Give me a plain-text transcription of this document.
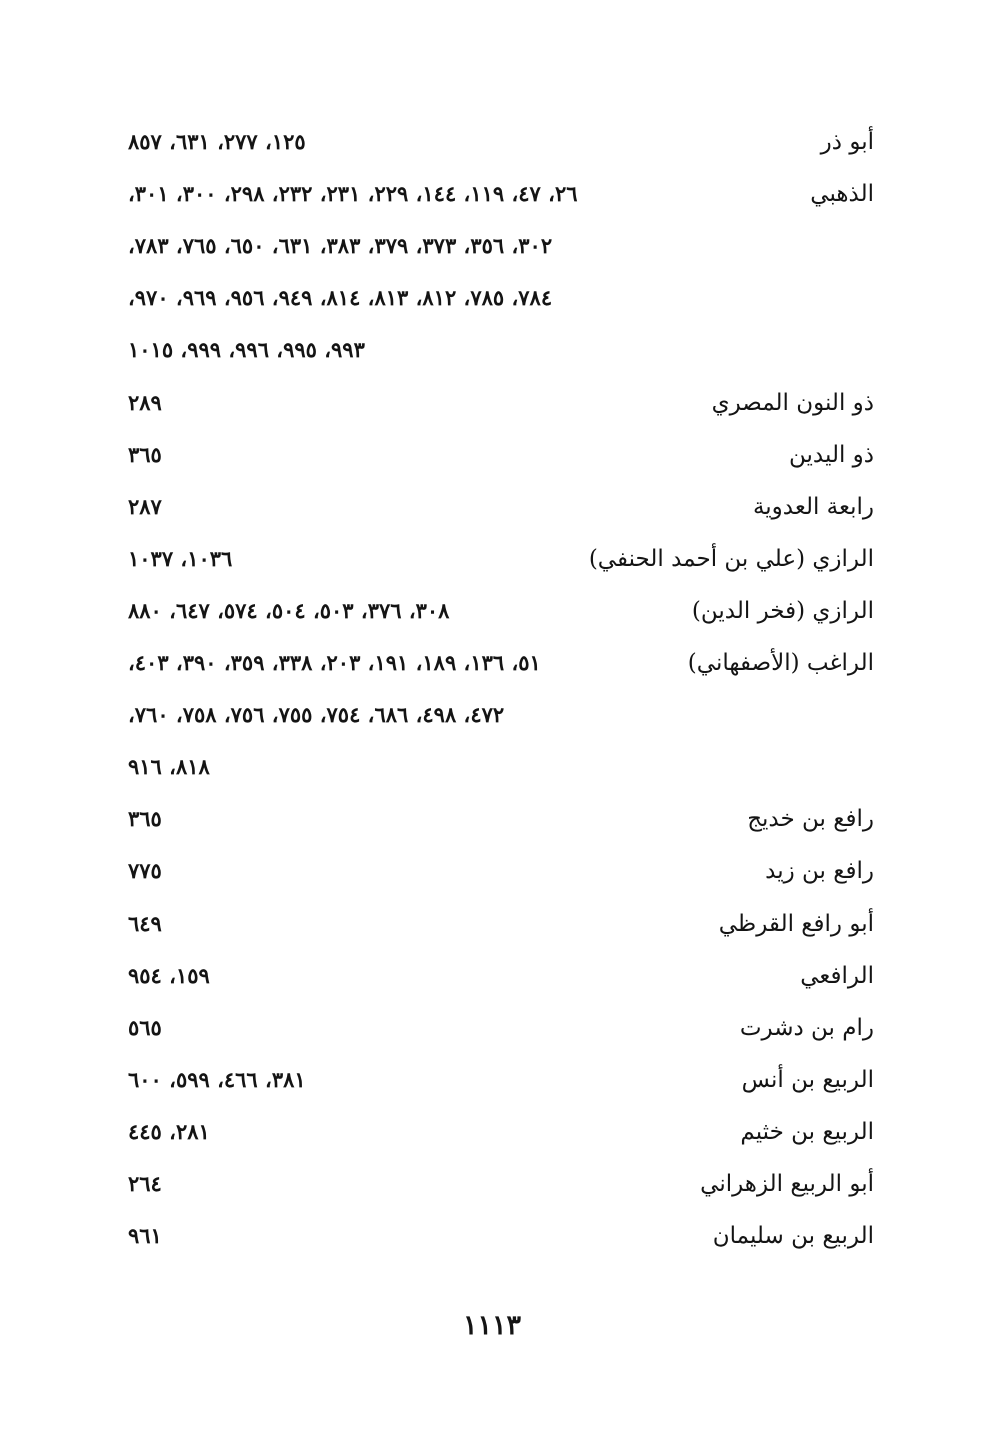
أبو ذر
١٢٥، ٢٧٧، ٦٣١، ٨٥٧
الذهبي
٢٦، ٤٧، ١١٩، ١٤٤، ٢٢٩، ٢٣١، ٢٣٢، ٢٩٨، ٣٠٠، ٣٠١،
٣٠٢، ٣٥٦، ٣٧٣، ٣٧٩، ٣٨٣، ٦٣١، ٦٥٠، ٧٦٥، ٧٨٣،
٧٨٤، ٧٨٥، ٨١٢، ٨١٣، ٨١٤، ٩٤٩، ٩٥٦، ٩٦٩، ٩٧٠،
٩٩٣، ٩٩٥، ٩٩٦، ٩٩٩، ١٠١٥
ذو النون المصري
٢٨٩
ذو اليدين
٣٦٥
رابعة العدوية
٢٨٧
الرازي (علي بن أحمد الحنفي)
١٠٣٦، ١٠٣٧
الرازي (فخر الدين)
٣٠٨، ٣٧٦، ٥٠٣، ٥٠٤، ٥٧٤، ٦٤٧، ٨٨٠
الراغب (الأصفهاني)
٥١، ١٣٦، ١٨٩، ١٩١، ٢٠٣، ٣٣٨، ٣٥٩، ٣٩٠، ٤٠٣،
٤٧٢، ٤٩٨، ٦٨٦، ٧٥٤، ٧٥٥، ٧٥٦، ٧٥٨، ٧٦٠،
٨١٨، ٩١٦
رافع بن خديج
٣٦٥
رافع بن زيد
٧٧٥
أبو رافع القرظي
٦٤٩
الرافعي
١٥٩، ٩٥٤
رام بن دشرت
٥٦٥
الربيع بن أنس
٣٨١، ٤٦٦، ٥٩٩، ٦٠٠
الربيع بن خثيم
٢٨١، ٤٤٥
أبو الربيع الزهراني
٢٦٤
الربيع بن سليمان
٩٦١
١١١٣
